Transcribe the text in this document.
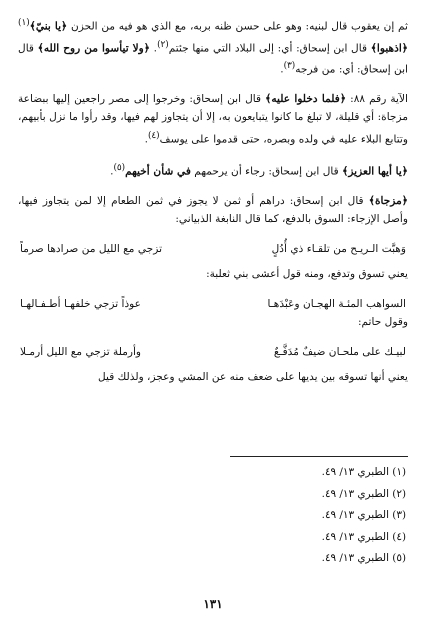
ثم إن يعقوب قال لبنيه: وهو على حسن ظنه بربه، مع الذي هو فيه من الحزن ﴿يا بنيّ﴾$^{(١)}$ ﴿اذهبوا﴾ قال ابن إسحاق: أي: إلى البلاد التي منها جئتم$^{(٢)}$. ﴿ولا تيأسوا من روح الله﴾ قال ابن إسحاق: أي: من فرجه$^{(٣)}$.

الآية رقم ٨٨: ﴿فلما دخلوا عليه﴾ قال ابن إسحاق: وخرجوا إلى مصر راجعين إليها ببضاعة مزجاة: أي قليلة، لا تبلغ ما كانوا يتبايعون به، إلا أن يتجاوز لهم فيها، وقد رأوا ما نزل بأبيهم، وتتابع البلاء عليه في ولده وبصره، حتى قدموا على يوسف$^{(٤)}$.

﴿يا أيها العزيز﴾ قال ابن إسحاق: رجاء أن يرحمهم في شأن أخيهم$^{(٥)}$.

﴿مزجاة﴾ قال ابن إسحاق: دراهم أو ثمن لا يجوز في ثمن الطعام إلا لمن يتجاوز فيها، وأصل الإزجاء: السوق بالدفع، كما قال النابغة الذبياني:

وَهبَّت الـريـح من تلقـاء ذي أُدُلٍ
تزجي مع الليل من صرادها صرماً

يعني تسوق وتدفع، ومنه قول أعشى بني ثعلبة:

السواهب المئـة الهجـان وعَبْدَهـا
عوذاً تزجي خلفهـا أطـفـالهـا

وقول حاتم:

لبيـك على ملحـان ضيفٌ مُدَفَّـعٌ
وأرملة تزجي مع الليل أرمـلا

يعني أنها تسوقه بين يديها على ضعف منه عن المشي وعجز، ولذلك قيل

(١) الطبري ١٣/ ٤٩.
(٢) الطبري ١٣/ ٤٩.
(٣) الطبري ١٣/ ٤٩.
(٤) الطبري ١٣/ ٤٩.
(٥) الطبري ١٣/ ٤٩.
١٣١
